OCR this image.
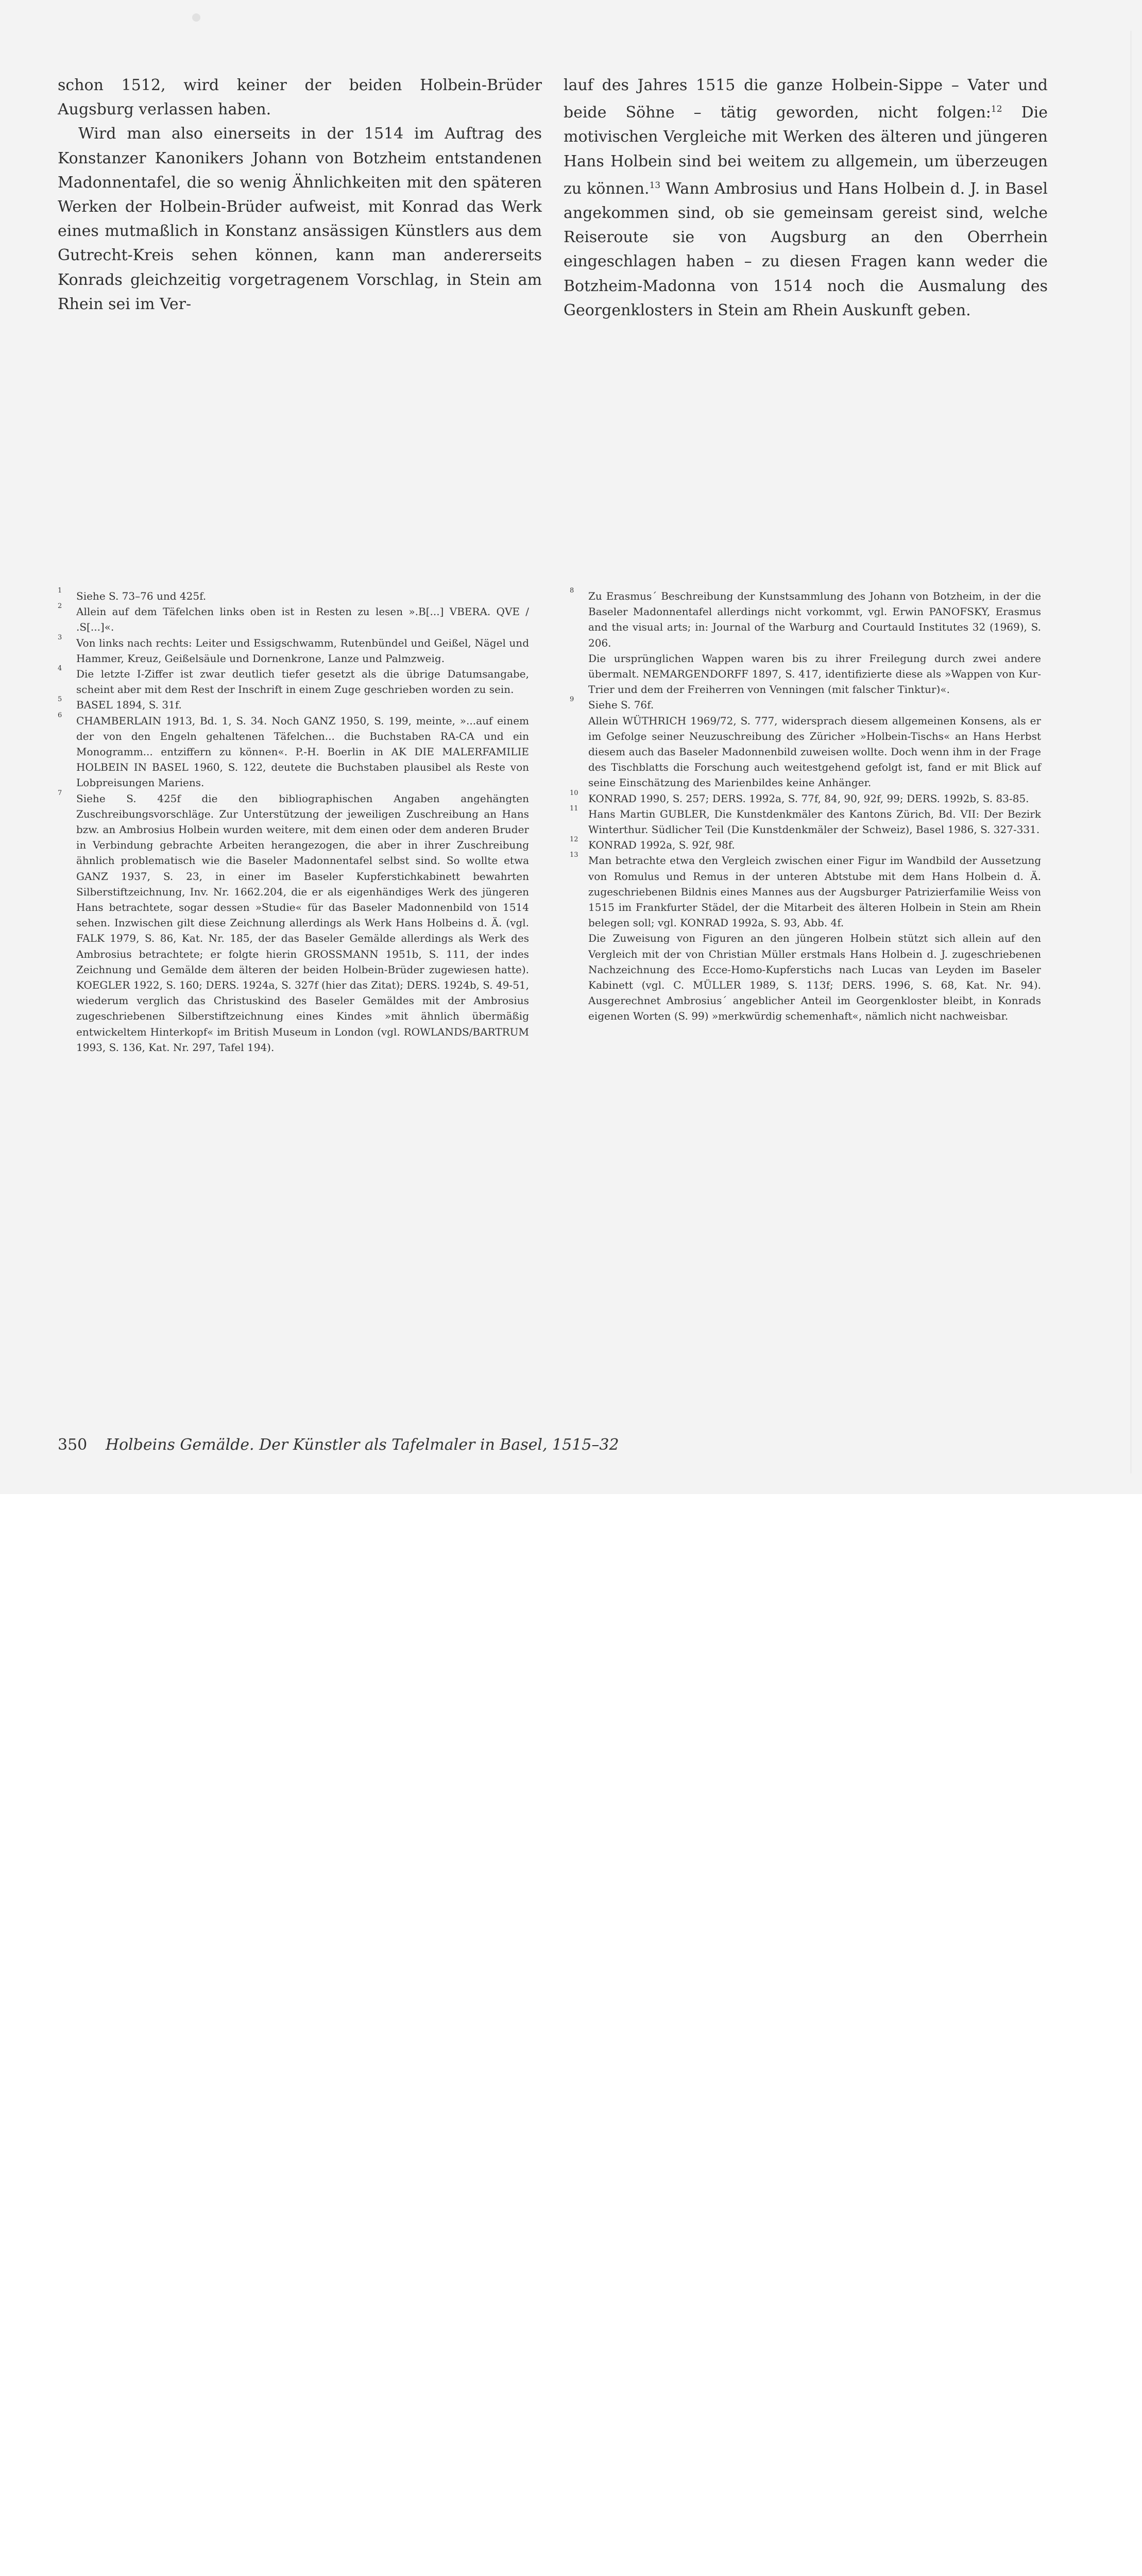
schon 1512, wird keiner der beiden Holbein-Brüder Augsburg verlassen haben.

Wird man also einerseits in der 1514 im Auftrag des Konstanzer Kanonikers Johann von Botzheim entstandenen Madonnentafel, die so wenig Ähnlichkeiten mit den späteren Werken der Holbein-Brüder aufweist, mit Konrad das Werk eines mutmaßlich in Konstanz ansässigen Künstlers aus dem Gutrecht-Kreis sehen können, kann man andererseits Konrads gleichzeitig vorgetragenem Vorschlag, in Stein am Rhein sei im Ver-

lauf des Jahres 1515 die ganze Holbein-Sippe – Vater und beide Söhne – tätig geworden, nicht folgen:$^{12}$ Die motivischen Vergleiche mit Werken des älteren und jüngeren Hans Holbein sind bei weitem zu allgemein, um überzeugen zu können.$^{13}$ Wann Ambrosius und Hans Holbein d. J. in Basel angekommen sind, ob sie gemeinsam gereist sind, welche Reiseroute sie von Augsburg an den Oberrhein eingeschlagen haben – zu diesen Fragen kann weder die Botzheim-Madonna von 1514 noch die Ausmalung des Georgenklosters in Stein am Rhein Auskunft geben.

1 Siehe S. 73–76 und 425f.
2 Allein auf dem Täfelchen links oben ist in Resten zu lesen ».B[...] VBERA. QVE / .S[...]«.
3 Von links nach rechts: Leiter und Essigschwamm, Rutenbündel und Geißel, Nägel und Hammer, Kreuz, Geißelsäule und Dornenkrone, Lanze und Palmzweig.
4 Die letzte I-Ziffer ist zwar deutlich tiefer gesetzt als die übrige Datumsangabe, scheint aber mit dem Rest der Inschrift in einem Zuge geschrieben worden zu sein.
5 BASEL 1894, S. 31f.
6 CHAMBERLAIN 1913, Bd. 1, S. 34. Noch GANZ 1950, S. 199, meinte, »...auf einem der von den Engeln gehaltenen Täfelchen... die Buchstaben RA-CA und ein Monogramm... entziffern zu können«. P.-H. Boerlin in AK DIE MALERFAMILIE HOLBEIN IN BASEL 1960, S. 122, deutete die Buchstaben plausibel als Reste von Lobpreisungen Mariens.
7 Siehe S. 425f die den bibliographischen Angaben angehängten Zuschreibungsvorschläge. Zur Unterstützung der jeweiligen Zuschreibung an Hans bzw. an Ambrosius Holbein wurden weitere, mit dem einen oder dem anderen Bruder in Verbindung gebrachte Arbeiten herangezogen, die aber in ihrer Zuschreibung ähnlich problematisch wie die Baseler Madonnentafel selbst sind. So wollte etwa GANZ 1937, S. 23, in einer im Baseler Kupferstichkabinett bewahrten Silberstiftzeichnung, Inv. Nr. 1662.204, die er als eigenhändiges Werk des jüngeren Hans betrachtete, sogar dessen »Studie« für das Baseler Madonnenbild von 1514 sehen. Inzwischen gilt diese Zeichnung allerdings als Werk Hans Holbeins d. Ä. (vgl. FALK 1979, S. 86, Kat. Nr. 185, der das Baseler Gemälde allerdings als Werk des Ambrosius betrachtete; er folgte hierin GROSSMANN 1951b, S. 111, der indes Zeichnung und Gemälde dem älteren der beiden Holbein-Brüder zugewiesen hatte). KOEGLER 1922, S. 160; DERS. 1924a, S. 327f (hier das Zitat); DERS. 1924b, S. 49-51, wiederum verglich das Christuskind des Baseler Gemäldes mit der Ambrosius zugeschriebenen Silberstiftzeichnung eines Kindes »mit ähnlich übermäßig entwickeltem Hinterkopf« im British Museum in London (vgl. ROWLANDS/BARTRUM 1993, S. 136, Kat. Nr. 297, Tafel 194).
8 Zu Erasmus´ Beschreibung der Kunstsammlung des Johann von Botzheim, in der die Baseler Madonnentafel allerdings nicht vorkommt, vgl. Erwin PANOFSKY, Erasmus and the visual arts; in: Journal of the Warburg and Courtauld Institutes 32 (1969), S. 206.
Die ursprünglichen Wappen waren bis zu ihrer Freilegung durch zwei andere übermalt. NEMARGENDORFF 1897, S. 417, identifizierte diese als »Wappen von Kur-Trier und dem der Freiherren von Venningen (mit falscher Tinktur)«.
9 Siehe S. 76f.
Allein WÜTHRICH 1969/72, S. 777, widersprach diesem allgemeinen Konsens, als er im Gefolge seiner Neuzuschreibung des Züricher »Holbein-Tischs« an Hans Herbst diesem auch das Baseler Madonnenbild zuweisen wollte. Doch wenn ihm in der Frage des Tischblatts die Forschung auch weitestgehend gefolgt ist, fand er mit Blick auf seine Einschätzung des Marienbildes keine Anhänger.
10 KONRAD 1990, S. 257; DERS. 1992a, S. 77f, 84, 90, 92f, 99; DERS. 1992b, S. 83-85.
11 Hans Martin GUBLER, Die Kunstdenkmäler des Kantons Zürich, Bd. VII: Der Bezirk Winterthur. Südlicher Teil (Die Kunstdenkmäler der Schweiz), Basel 1986, S. 327-331.
12 KONRAD 1992a, S. 92f, 98f.
13 Man betrachte etwa den Vergleich zwischen einer Figur im Wandbild der Aussetzung von Romulus und Remus in der unteren Abtstube mit dem Hans Holbein d. Ä. zugeschriebenen Bildnis eines Mannes aus der Augsburger Patrizierfamilie Weiss von 1515 im Frankfurter Städel, der die Mitarbeit des älteren Holbein in Stein am Rhein belegen soll; vgl. KONRAD 1992a, S. 93, Abb. 4f.
Die Zuweisung von Figuren an den jüngeren Holbein stützt sich allein auf den Vergleich mit der von Christian Müller erstmals Hans Holbein d. J. zugeschriebenen Nachzeichnung des Ecce-Homo-Kupferstichs nach Lucas van Leyden im Baseler Kabinett (vgl. C. MÜLLER 1989, S. 113f; DERS. 1996, S. 68, Kat. Nr. 94). Ausgerechnet Ambrosius´ angeblicher Anteil im Georgenkloster bleibt, in Konrads eigenen Worten (S. 99) »merkwürdig schemenhaft«, nämlich nicht nachweisbar.
350 Holbeins Gemälde. Der Künstler als Tafelmaler in Basel, 1515–32
